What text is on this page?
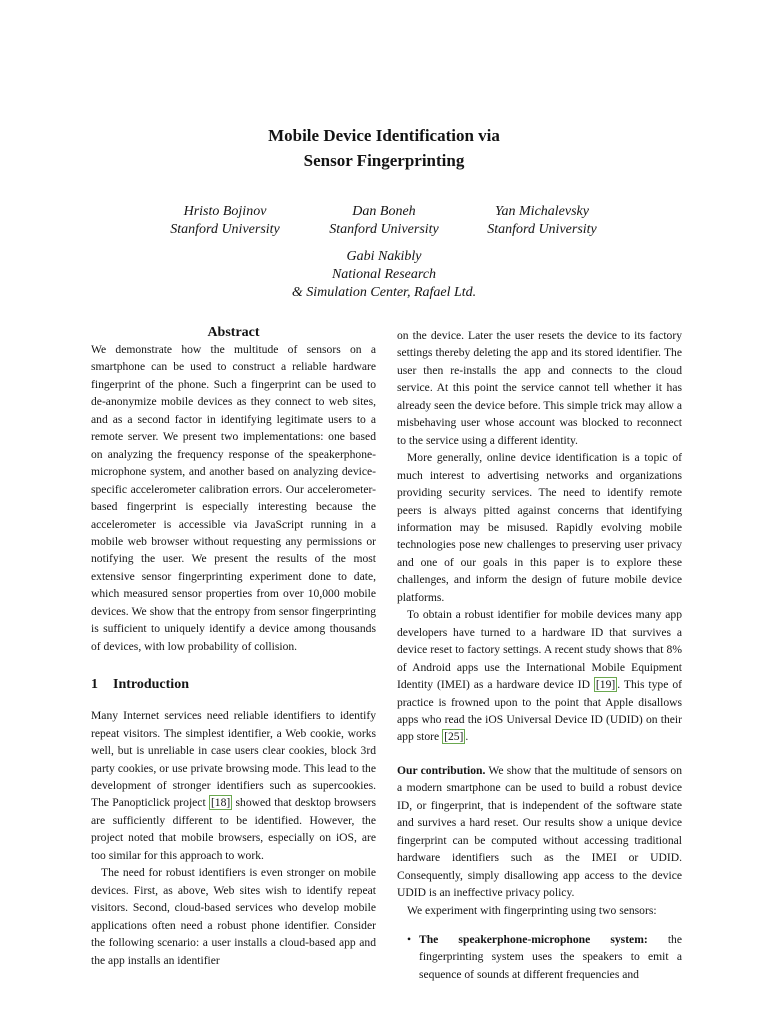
Mobile Device Identification via
Sensor Fingerprinting
Hristo Bojinov
Stanford University
Dan Boneh
Stanford University
Yan Michalevsky
Stanford University
Gabi Nakibly
National Research
& Simulation Center, Rafael Ltd.
Abstract

We demonstrate how the multitude of sensors on a smartphone can be used to construct a reliable hardware fingerprint of the phone. Such a fingerprint can be used to de-anonymize mobile devices as they connect to web sites, and as a second factor in identifying legitimate users to a remote server. We present two implementations: one based on analyzing the frequency response of the speakerphone-microphone system, and another based on analyzing device-specific accelerometer calibration errors. Our accelerometer-based fingerprint is especially interesting because the accelerometer is accessible via JavaScript running in a mobile web browser without requesting any permissions or notifying the user. We present the results of the most extensive sensor fingerprinting experiment done to date, which measured sensor properties from over 10,000 mobile devices. We show that the entropy from sensor fingerprinting is sufficient to uniquely identify a device among thousands of devices, with low probability of collision.

1 Introduction

Many Internet services need reliable identifiers to identify repeat visitors. The simplest identifier, a Web cookie, works well, but is unreliable in case users clear cookies, block 3rd party cookies, or use private browsing mode. This lead to the development of stronger identifiers such as supercookies. The Panopticlick project [18] showed that desktop browsers are sufficiently different to be identified. However, the project noted that mobile browsers, especially on iOS, are too similar for this approach to work.

The need for robust identifiers is even stronger on mobile devices. First, as above, Web sites wish to identify repeat visitors. Second, cloud-based services who develop mobile applications often need a robust phone identifier. Consider the following scenario: a user installs a cloud-based app and the app installs an identifier

on the device. Later the user resets the device to its factory settings thereby deleting the app and its stored identifier. The user then re-installs the app and connects to the cloud service. At this point the service cannot tell whether it has already seen the device before. This simple trick may allow a misbehaving user whose account was blocked to reconnect to the service using a different identity.

More generally, online device identification is a topic of much interest to advertising networks and organizations providing security services. The need to identify remote peers is always pitted against concerns that identifying information may be misused. Rapidly evolving mobile technologies pose new challenges to preserving user privacy and one of our goals in this paper is to explore these challenges, and inform the design of future mobile device platforms.

To obtain a robust identifier for mobile devices many app developers have turned to a hardware ID that survives a device reset to factory settings. A recent study shows that 8% of Android apps use the International Mobile Equipment Identity (IMEI) as a hardware device ID [19] . This type of practice is frowned upon to the point that Apple disallows apps who read the iOS Universal Device ID (UDID) on their app store [25] .

Our contribution. We show that the multitude of sensors on a modern smartphone can be used to build a robust device ID, or fingerprint, that is independent of the software state and survives a hard reset. Our results show a unique device fingerprint can be computed without accessing traditional hardware identifiers such as the IMEI or UDID. Consequently, simply disallowing app access to the device UDID is an ineffective privacy policy.

We experiment with fingerprinting using two sensors:

• The speakerphone-microphone system: the fingerprinting system uses the speakers to emit a sequence of sounds at different frequencies and
